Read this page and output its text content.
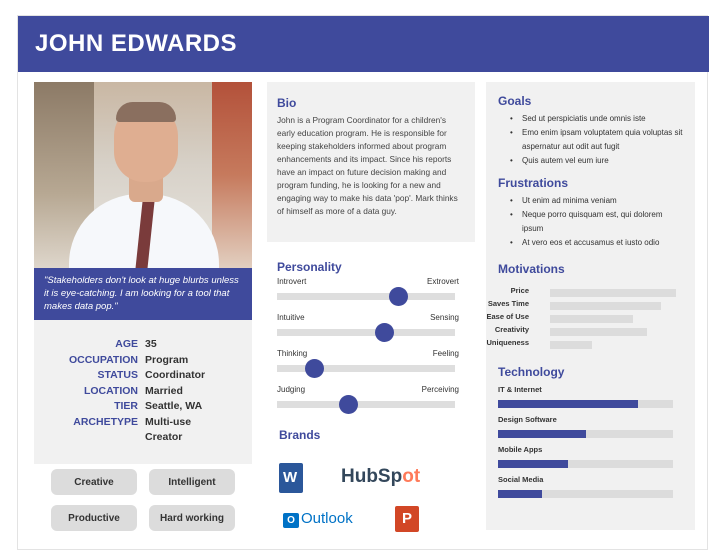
JOHN EDWARDS
"Stakeholders don't look at huge blurbs unless it is eye-catching. I am looking for a tool that makes data pop."
AGE 35
OCCUPATION Program
STATUS Coordinator
LOCATION Married
TIER Seattle, WA
ARCHETYPE Multi-use
Creator
Creative	Intelligent
Productive	Hard working
Bio

John is a Program Coordinator for a children's early education program. He is responsible for keeping stakeholders informed about program enhancements and its impact. Since his reports have an impact on future decision making and program funding, he is looking for a new and engaging way to make his data 'pop'. Mark thinks of himself as more of a data guy.

Personality
Introvert	Extrovert
Intuitive	Sensing
Thinking	Feeling
Judging	Perceiving
Brands
W HubSpot
O Outlook	P
Goals
• Sed ut perspiciatis unde omnis iste
• Emo enim ipsam voluptatem quia voluptas sit aspernatur aut odit aut fugit
• Quis autem vel eum iure
Frustrations
• Ut enim ad minima veniam
• Neque porro quisquam est, qui dolorem ipsum
• At vero eos et accusamus et iusto odio
Motivations
Price
Saves Time
Ease of Use
Creativity
Uniqueness
Technology
IT & Internet
Design Software
Mobile Apps
Social Media
